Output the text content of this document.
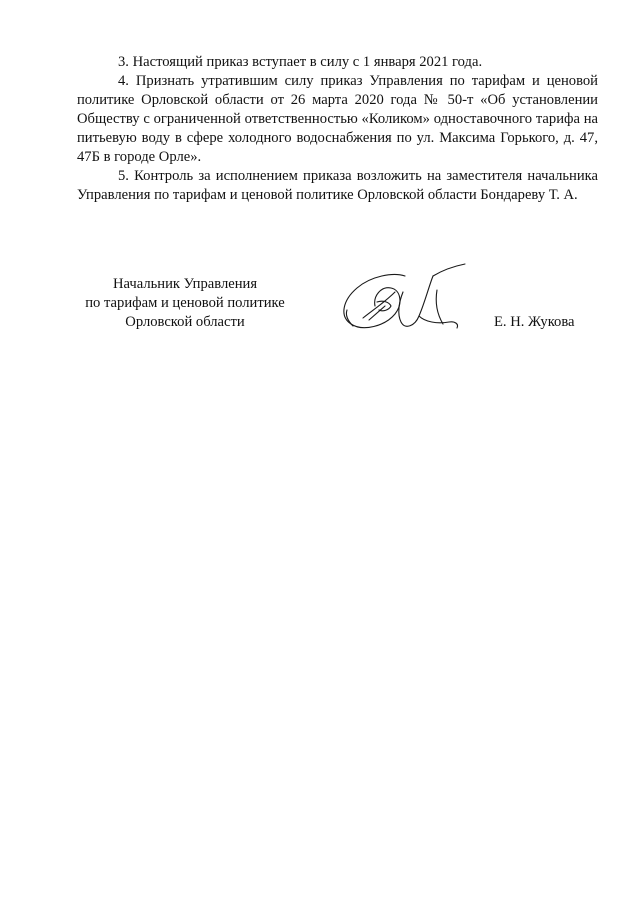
3. Настоящий приказ вступает в силу с 1 января 2021 года.

4. Признать утратившим силу приказ Управления по тарифам и ценовой политике Орловской области от 26 марта 2020 года № 50-т «Об установлении Обществу с ограниченной ответственностью «Коликом» одноставочного тарифа на питьевую воду в сфере холодного водоснабжения по ул. Максима Горького, д. 47, 47Б в городе Орле».

5. Контроль за исполнением приказа возложить на заместителя начальника Управления по тарифам и ценовой политике Орловской области Бондареву Т. А.

Начальник Управления
по тарифам и ценовой политике
Орловской области	Е. Н. Жукова
